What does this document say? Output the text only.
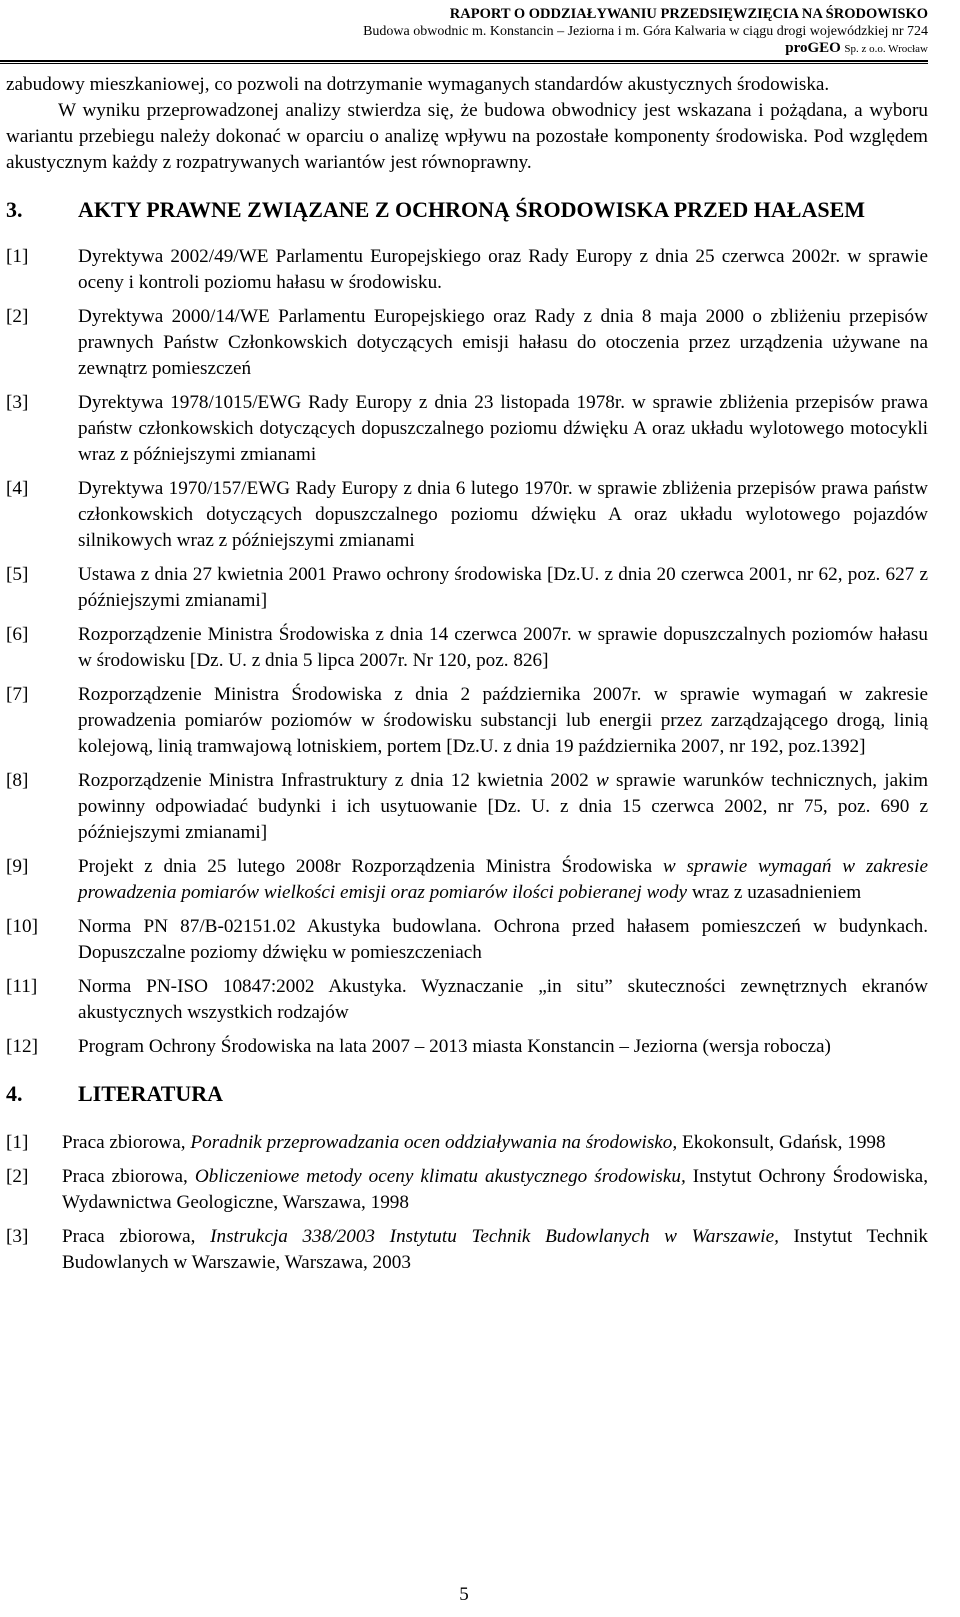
RAPORT O ODDZIAŁYWANIU PRZEDSIĘWZIĘCIA NA ŚRODOWISKO
Budowa obwodnic m. Konstancin – Jeziorna i m. Góra Kalwaria w ciągu drogi wojewódzkiej nr 724
proGEO Sp. z o.o. Wrocław

zabudowy mieszkaniowej, co pozwoli na dotrzymanie wymaganych standardów akustycznych środowiska.

W wyniku przeprowadzonej analizy stwierdza się, że budowa obwodnicy jest wskazana i pożądana, a wyboru wariantu przebiegu należy dokonać w oparciu o analizę wpływu na pozostałe komponenty środowiska. Pod względem akustycznym każdy z rozpatrywanych wariantów jest równoprawny.

3.	AKTY PRAWNE ZWIĄZANE Z OCHRONĄ ŚRODOWISKA PRZED HAŁASEM
[1]	Dyrektywa 2002/49/WE Parlamentu Europejskiego oraz Rady Europy z dnia 25 czerwca 2002r. w sprawie oceny i kontroli poziomu hałasu w środowisku.
[2]	Dyrektywa 2000/14/WE Parlamentu Europejskiego oraz Rady z dnia 8 maja 2000 o zbliżeniu przepisów prawnych Państw Członkowskich dotyczących emisji hałasu do otoczenia przez urządzenia używane na zewnątrz pomieszczeń
[3]	Dyrektywa 1978/1015/EWG Rady Europy z dnia 23 listopada 1978r. w sprawie zbliżenia przepisów prawa państw członkowskich dotyczących dopuszczalnego poziomu dźwięku A oraz układu wylotowego motocykli wraz z późniejszymi zmianami
[4]	Dyrektywa 1970/157/EWG Rady Europy z dnia 6 lutego 1970r. w sprawie zbliżenia przepisów prawa państw członkowskich dotyczących dopuszczalnego poziomu dźwięku A oraz układu wylotowego pojazdów silnikowych wraz z późniejszymi zmianami
[5]	Ustawa z dnia 27 kwietnia 2001 Prawo ochrony środowiska [Dz.U. z dnia 20 czerwca 2001, nr 62, poz. 627 z późniejszymi zmianami]
[6]	Rozporządzenie Ministra Środowiska z dnia 14 czerwca 2007r. w sprawie dopuszczalnych poziomów hałasu w środowisku [Dz. U. z dnia 5 lipca 2007r. Nr 120, poz. 826]
[7]	Rozporządzenie Ministra Środowiska z dnia 2 października 2007r. w sprawie wymagań w zakresie prowadzenia pomiarów poziomów w środowisku substancji lub energii przez zarządzającego drogą, linią kolejową, linią tramwajową lotniskiem, portem [Dz.U. z dnia 19 października 2007, nr 192, poz.1392]
[8]	Rozporządzenie Ministra Infrastruktury z dnia 12 kwietnia 2002 w sprawie warunków technicznych, jakim powinny odpowiadać budynki i ich usytuowanie [Dz. U. z dnia 15 czerwca 2002, nr 75, poz. 690 z późniejszymi zmianami]
[9]	Projekt z dnia 25 lutego 2008r Rozporządzenia Ministra Środowiska w sprawie wymagań w zakresie prowadzenia pomiarów wielkości emisji oraz pomiarów ilości pobieranej wody wraz z uzasadnieniem
[10]	Norma PN 87/B-02151.02 Akustyka budowlana. Ochrona przed hałasem pomieszczeń w budynkach. Dopuszczalne poziomy dźwięku w pomieszczeniach
[11]	Norma PN-ISO 10847:2002 Akustyka. Wyznaczanie „in situ” skuteczności zewnętrznych ekranów akustycznych wszystkich rodzajów
[12]	Program Ochrony Środowiska na lata 2007 – 2013 miasta Konstancin – Jeziorna (wersja robocza)
4.	LITERATURA
[1]	Praca zbiorowa, Poradnik przeprowadzania ocen oddziaływania na środowisko, Ekokonsult, Gdańsk, 1998
[2]	Praca zbiorowa, Obliczeniowe metody oceny klimatu akustycznego środowisku, Instytut Ochrony Środowiska, Wydawnictwa Geologiczne, Warszawa, 1998
[3]	Praca zbiorowa, Instrukcja 338/2003 Instytutu Technik Budowlanych w Warszawie, Instytut Technik Budowlanych w Warszawie, Warszawa, 2003
5
